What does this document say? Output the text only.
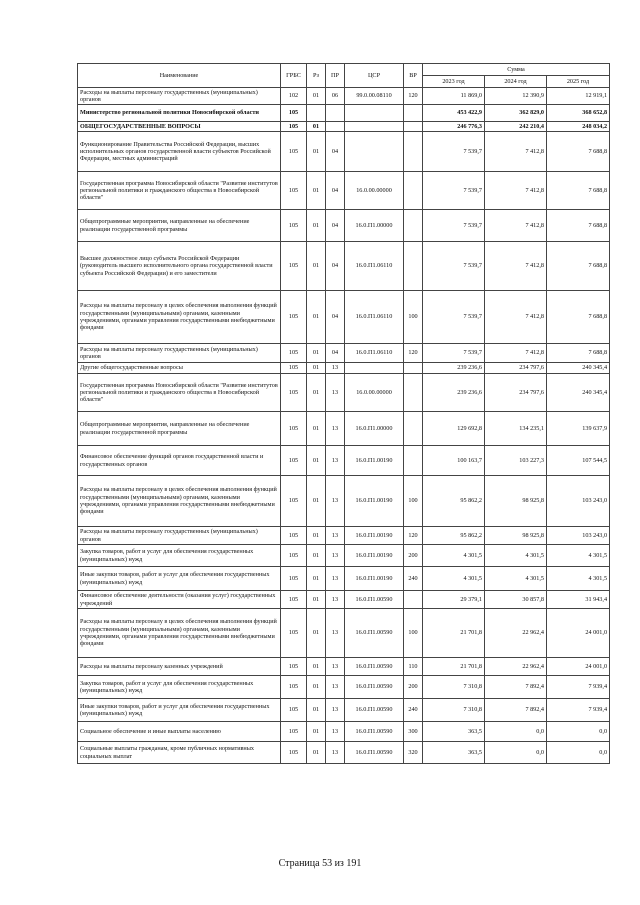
Наименование	ГРБС	Рз	ПР	ЦСР	ВР	Сумма		
						2023 год	2024 год	2025 год
Расходы на выплаты персоналу государственных (муниципальных) органов	102	01	06	99.0.00.08110	120	11 869,0	12 390,9	12 919,1
Министерство региональной политики Новосибирской области	105					453 422,9	362 829,0	368 652,8
ОБЩЕГОСУДАРСТВЕННЫЕ ВОПРОСЫ	105	01				246 776,3	242 210,4	248 034,2
Функционирование Правительства Российской Федерации, высших исполнительных органов государственной власти субъектов Российской Федерации, местных администраций	105	01	04			7 539,7	7 412,8	7 688,8
Государственная программа Новосибирской области "Развитие институтов региональной политики и гражданского общества в Новосибирской области"	105	01	04	16.0.00.00000		7 539,7	7 412,8	7 688,8
Общепрограммные мероприятия, направленные на обеспечение реализации государственной программы	105	01	04	16.0.П1.00000		7 539,7	7 412,8	7 688,8
Высшее должностное лицо субъекта Российской Федерации (руководитель высшего исполнительного органа государственной власти субъекта Российской Федерации) и его заместители	105	01	04	16.0.П1.06110		7 539,7	7 412,8	7 688,8
Расходы на выплаты персоналу в целях обеспечения выполнения функций государственными (муниципальными) органами, казенными учреждениями, органами управления государственными внебюджетными фондами	105	01	04	16.0.П1.06110	100	7 539,7	7 412,8	7 688,8
Расходы на выплаты персоналу государственных (муниципальных) органов	105	01	04	16.0.П1.06110	120	7 539,7	7 412,8	7 688,8
Другие общегосударственные вопросы	105	01	13			239 236,6	234 797,6	240 345,4
Государственная программа Новосибирской области "Развитие институтов региональной политики и гражданского общества в Новосибирской области"	105	01	13	16.0.00.00000		239 236,6	234 797,6	240 345,4
Общепрограммные мероприятия, направленные на обеспечение реализации государственной программы	105	01	13	16.0.П1.00000		129 692,8	134 235,1	139 637,9
Финансовое обеспечение функций органов государственной власти и государственных органов	105	01	13	16.0.П1.00190		100 163,7	103 227,3	107 544,5
Расходы на выплаты персоналу в целях обеспечения выполнения функций государственными (муниципальными) органами, казенными учреждениями, органами управления государственными внебюджетными фондами	105	01	13	16.0.П1.00190	100	95 862,2	98 925,8	103 243,0
Расходы на выплаты персоналу государственных (муниципальных) органов	105	01	13	16.0.П1.00190	120	95 862,2	98 925,8	103 243,0
Закупка товаров, работ и услуг для обеспечения государственных (муниципальных) нужд	105	01	13	16.0.П1.00190	200	4 301,5	4 301,5	4 301,5
Иные закупки товаров, работ и услуг для обеспечения государственных (муниципальных) нужд	105	01	13	16.0.П1.00190	240	4 301,5	4 301,5	4 301,5
Финансовое обеспечение деятельности (оказания услуг) государственных учреждений	105	01	13	16.0.П1.00590		29 379,1	30 857,8	31 943,4
Расходы на выплаты персоналу в целях обеспечения выполнения функций государственными (муниципальными) органами, казенными учреждениями, органами управления государственными внебюджетными фондами	105	01	13	16.0.П1.00590	100	21 701,8	22 962,4	24 001,0
Расходы на выплаты персоналу казенных учреждений	105	01	13	16.0.П1.00590	110	21 701,8	22 962,4	24 001,0
Закупка товаров, работ и услуг для обеспечения государственных (муниципальных) нужд	105	01	13	16.0.П1.00590	200	7 310,8	7 892,4	7 939,4
Иные закупки товаров, работ и услуг для обеспечения государственных (муниципальных) нужд	105	01	13	16.0.П1.00590	240	7 310,8	7 892,4	7 939,4
Социальное обеспечение и иные выплаты населению	105	01	13	16.0.П1.00590	300	363,5	0,0	0,0
Социальные выплаты гражданам, кроме публичных нормативных социальных выплат	105	01	13	16.0.П1.00590	320	363,5	0,0	0,0
Страница 53 из 191
